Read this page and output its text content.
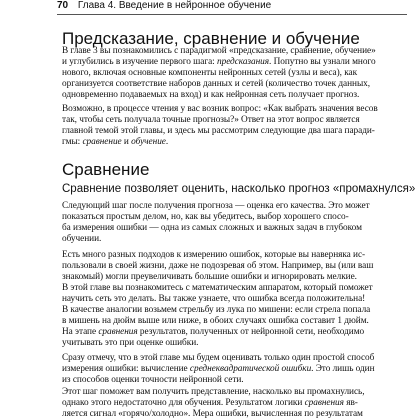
70 Глава 4. Введение в нейронное обучение
Предсказание, сравнение и обучение
В главе 3 вы познакомились с парадигмой «предсказание, сравнение, обучение»
и углубились в изучение первого шага: предсказания. Попутно вы узнали много
нового, включая основные компоненты нейронных сетей (узлы и веса), как
организуется соответствие наборов данных и сетей (количество точек данных,
одновременно подаваемых на вход) и как нейронная сеть получает прогноз.
Возможно, в процессе чтения у вас возник вопрос: «Как выбрать значения весов
так, чтобы сеть получала точные прогнозы?» Ответ на этот вопрос является
главной темой этой главы, и здесь мы рассмотрим следующие два шага паради-
гмы: сравнение и обучение.
Сравнение
Сравнение позволяет оценить, насколько прогноз «промахнулся»
Следующий шаг после получения прогноза — оценка его качества. Это может
показаться простым делом, но, как вы убедитесь, выбор хорошего спосо-
ба измерения ошибки — одна из самых сложных и важных задач в глубоком
обучении.
Есть много разных подходов к измерению ошибок, которые вы наверняка ис-
пользовали в своей жизни, даже не подозревая об этом. Например, вы (или ваш
знакомый) могли преувеличивать большие ошибки и игнорировать мелкие.
В этой главе вы познакомитесь с математическим аппаратом, который поможет
научить сеть это делать. Вы также узнаете, что ошибка всегда положительна!
В качестве аналогии возьмем стрельбу из лука по мишени: если стрела попала
в мишень на дюйм выше или ниже, в обоих случаях ошибка составит 1 дюйм.
На этапе сравнения результатов, полученных от нейронной сети, необходимо
учитывать это при оценке ошибки.
Сразу отмечу, что в этой главе мы будем оценивать только один простой способ
измерения ошибки: вычисление среднеквадратической ошибки. Это лишь один
из способов оценки точности нейронной сети.
Этот шаг поможет вам получить представление, насколько вы промахнулись,
однако этого недостаточно для обучения. Результатом логики сравнения яв-
ляется сигнал «горячо/холодно». Мера ошибки, вычисленная по результатам
